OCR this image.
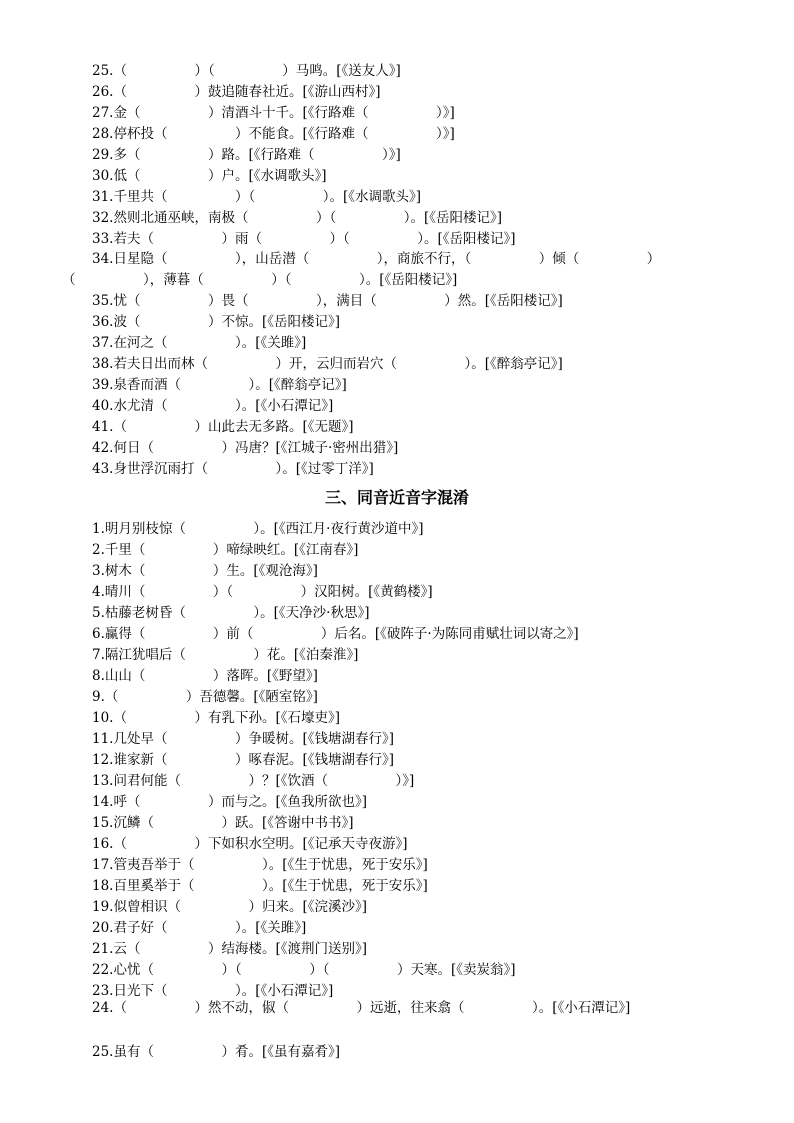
25.（　　　　　）（　　　　　）马鸣。[《送友人》]
26.（　　　　　）鼓追随春社近。[《游山西村》]
27.金（　　　　　）清酒斗十千。[《行路难（　　　　　）》]
28.停杯投（　　　　　）不能食。[《行路难（　　　　　）》]
29.多（　　　　　）路。[《行路难（　　　　　）》]
30.低（　　　　　）户。[《水调歌头》]
31.千里共（　　　　　）（　　　　　）。[《水调歌头》]
32.然则北通巫峡，南极（　　　　　）（　　　　　）。[《岳阳楼记》]
33.若夫（　　　　　）雨（　　　　　）（　　　　　）。[《岳阳楼记》]
34.日星隐（　　　　　），山岳潜（　　　　　），商旅不行，（　　　　　）倾（　　　　　）（　　　　　），薄暮（　　　　　）（　　　　　）。[《岳阳楼记》]
35.忧（　　　　　）畏（　　　　　），满目（　　　　　）然。[《岳阳楼记》]
36.波（　　　　　）不惊。[《岳阳楼记》]
37.在河之（　　　　　）。[《关雎》]
38.若夫日出而林（　　　　　）开，云归而岩穴（　　　　　）。[《醉翁亭记》]
39.泉香而酒（　　　　　）。[《醉翁亭记》]
40.水尤清（　　　　　）。[《小石潭记》]
41.（　　　　　）山此去无多路。[《无题》]
42.何日（　　　　　）冯唐？[《江城子·密州出猎》]
43.身世浮沉雨打（　　　　　）。[《过零丁洋》]
三、同音近音字混淆
1.明月别枝惊（　　　　　）。[《西江月·夜行黄沙道中》]
2.千里（　　　　　）啼绿映红。[《江南春》]
3.树木（　　　　　）生。[《观沧海》]
4.晴川（　　　　　）（　　　　　）汉阳树。[《黄鹤楼》]
5.枯藤老树昏（　　　　　）。[《天净沙·秋思》]
6.赢得（　　　　　）前（　　　　　）后名。[《破阵子·为陈同甫赋壮词以寄之》]
7.隔江犹唱后（　　　　　）花。[《泊秦淮》]
8.山山（　　　　　）落晖。[《野望》]
9.（　　　　　）吾德馨。[《陋室铭》]
10.（　　　　　）有乳下孙。[《石壕吏》]
11.几处早（　　　　　）争暖树。[《钱塘湖春行》]
12.谁家新（　　　　　）啄春泥。[《钱塘湖春行》]
13.问君何能（　　　　　）？[《饮酒（　　　　　）》]
14.呼（　　　　　）而与之。[《鱼我所欲也》]
15.沉鳞（　　　　　）跃。[《答谢中书书》]
16.（　　　　　）下如积水空明。[《记承天寺夜游》]
17.管夷吾举于（　　　　　）。[《生于忧患，死于安乐》]
18.百里奚举于（　　　　　）。[《生于忧患，死于安乐》]
19.似曾相识（　　　　　）归来。[《浣溪沙》]
20.君子好（　　　　　）。[《关雎》]
21.云（　　　　　）结海楼。[《渡荆门送别》]
22.心忧（　　　　　）（　　　　　）（　　　　　）天寒。[《卖炭翁》]
23.日光下（　　　　　）。[《小石潭记》]
24.（　　　　　）然不动，俶（　　　　　）远逝，往来翕（　　　　　）。[《小石潭记》]
25.虽有（　　　　　）肴。[《虽有嘉肴》]
